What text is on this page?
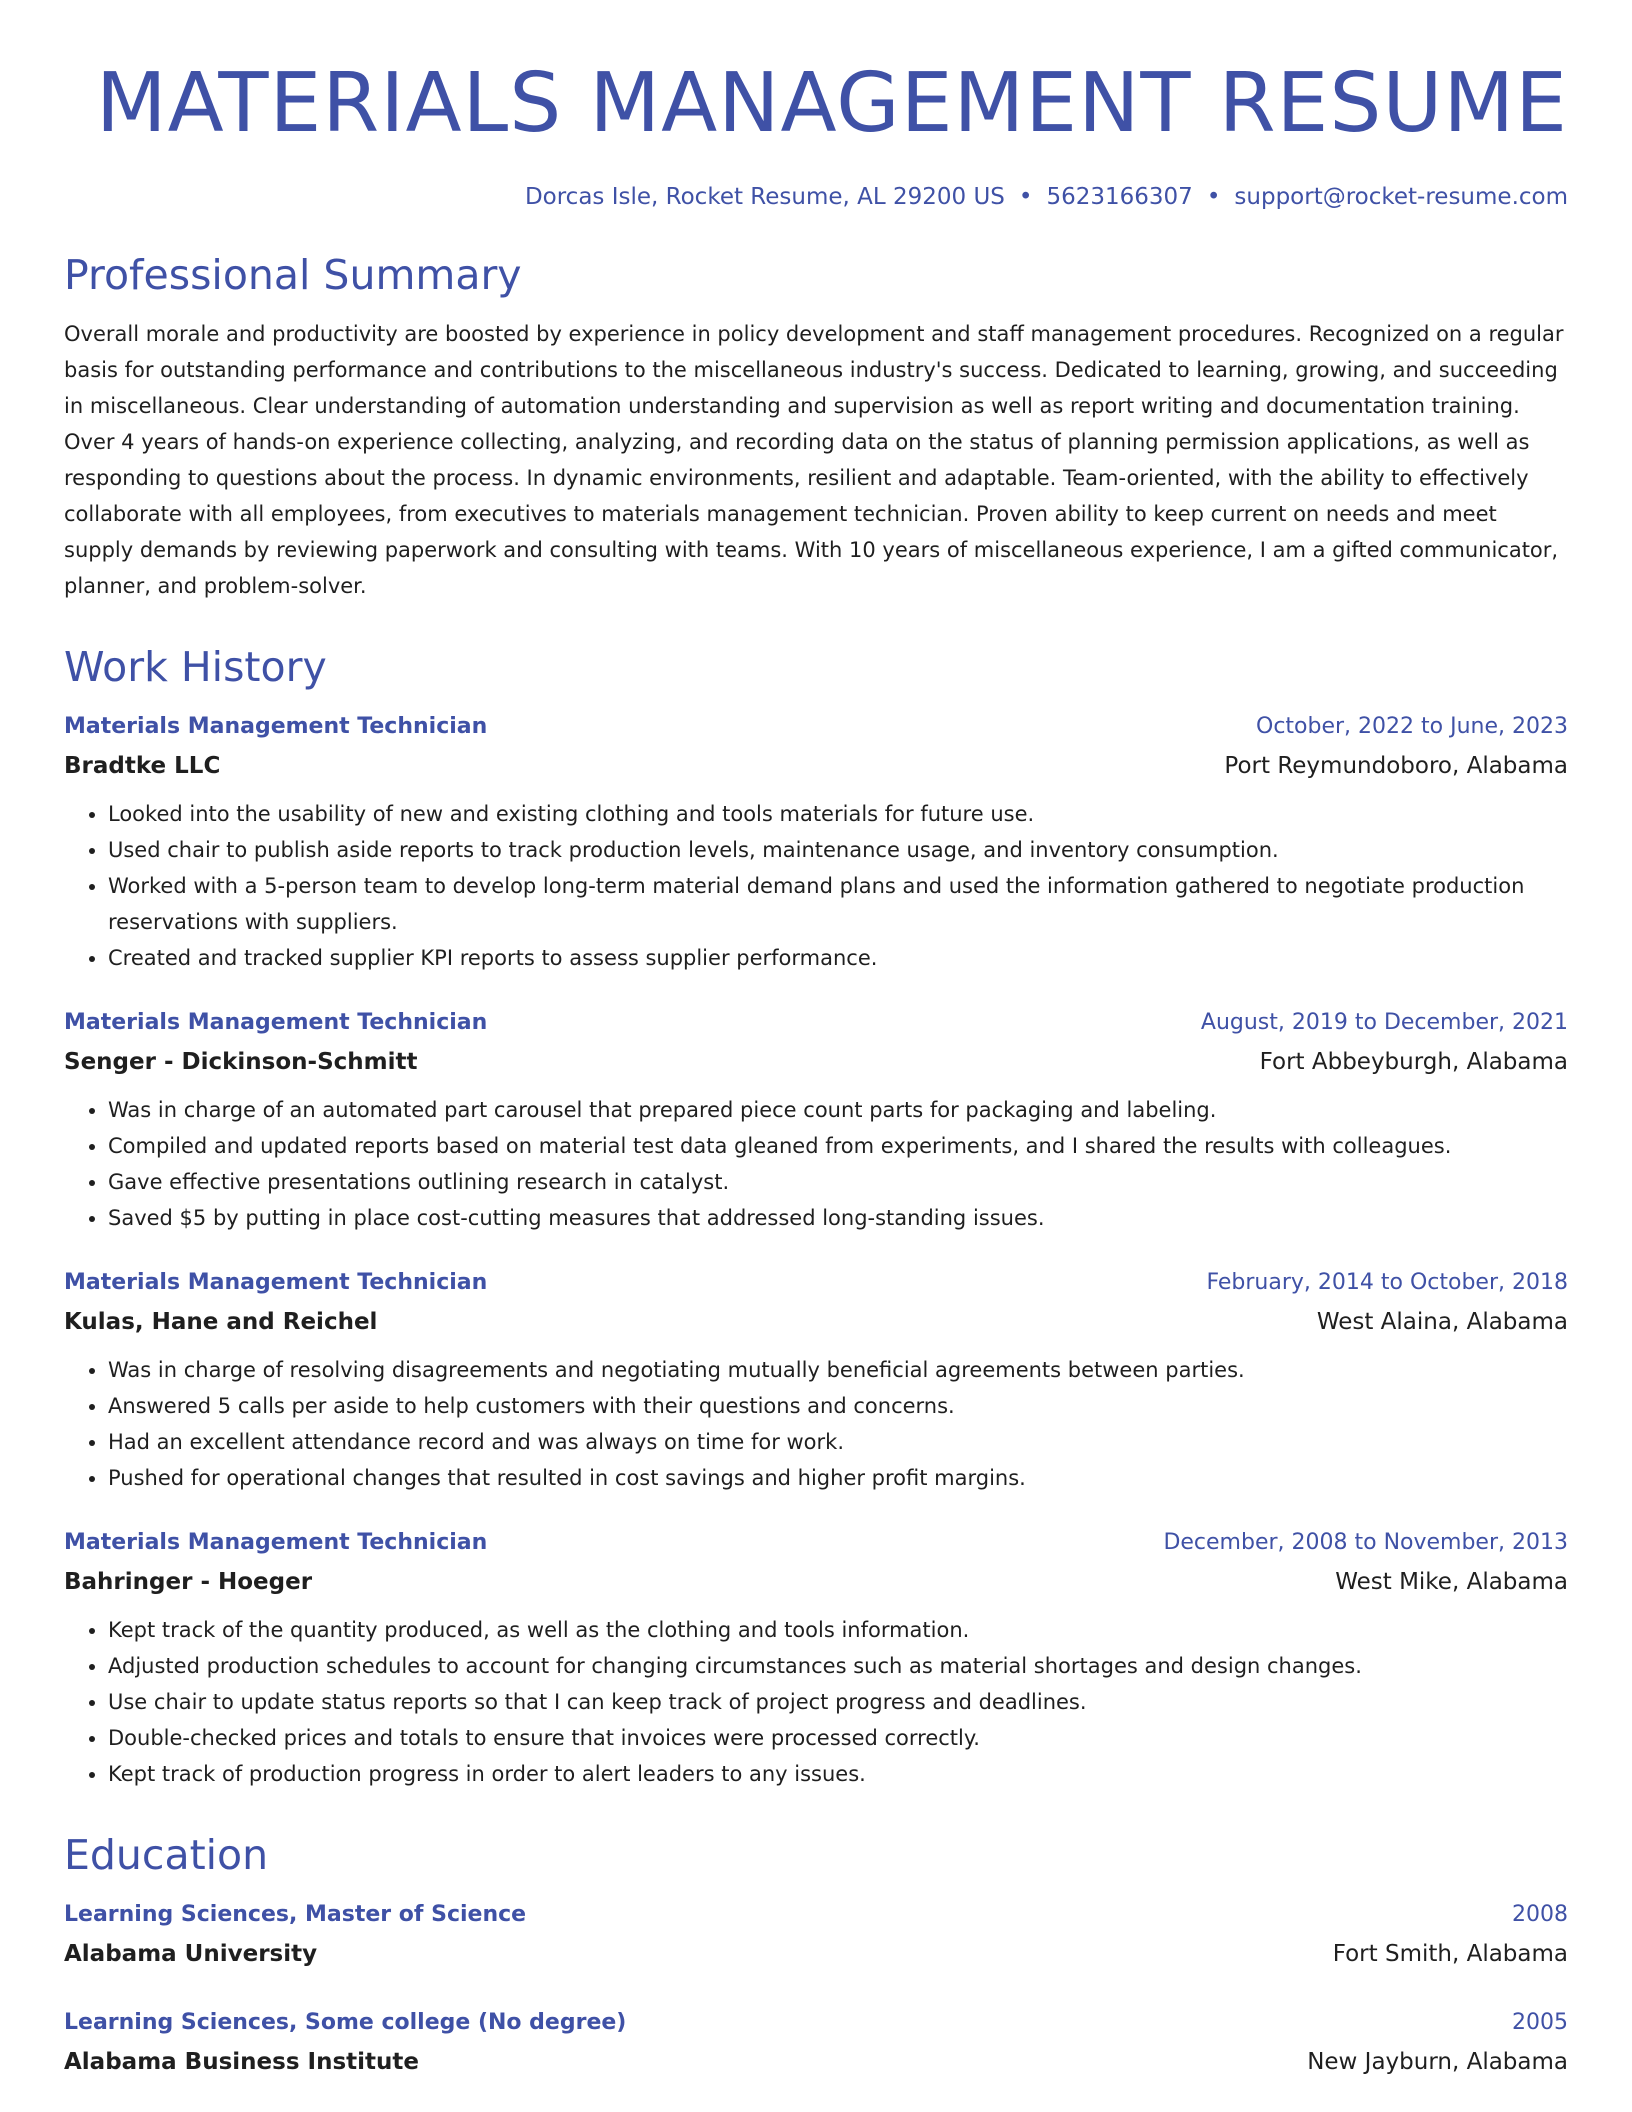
MATERIALS MANAGEMENT RESUME
Dorcas Isle, Rocket Resume, AL 29200 US • 5623166307 • support@rocket-resume.com
Professional Summary

Overall morale and productivity are boosted by experience in policy development and staff management procedures. Recognized on a regular basis for outstanding performance and contributions to the miscellaneous industry's success. Dedicated to learning, growing, and succeeding in miscellaneous. Clear understanding of automation understanding and supervision as well as report writing and documentation training. Over 4 years of hands-on experience collecting, analyzing, and recording data on the status of planning permission applications, as well as responding to questions about the process. In dynamic environments, resilient and adaptable. Team-oriented, with the ability to effectively collaborate with all employees, from executives to materials management technician. Proven ability to keep current on needs and meet supply demands by reviewing paperwork and consulting with teams. With 10 years of miscellaneous experience, I am a gifted communicator, planner, and problem-solver.

Work History
Materials Management Technician	October, 2022 to June, 2023
Bradtke LLC	Port Reymundoboro, Alabama
• Looked into the usability of new and existing clothing and tools materials for future use.
• Used chair to publish aside reports to track production levels, maintenance usage, and inventory consumption.
• Worked with a 5-person team to develop long-term material demand plans and used the information gathered to negotiate production reservations with suppliers.
• Created and tracked supplier KPI reports to assess supplier performance.
Materials Management Technician	August, 2019 to December, 2021
Senger - Dickinson-Schmitt	Fort Abbeyburgh, Alabama
• Was in charge of an automated part carousel that prepared piece count parts for packaging and labeling.
• Compiled and updated reports based on material test data gleaned from experiments, and I shared the results with colleagues.
• Gave effective presentations outlining research in catalyst.
• Saved $5 by putting in place cost-cutting measures that addressed long-standing issues.
Materials Management Technician	February, 2014 to October, 2018
Kulas, Hane and Reichel	West Alaina, Alabama
• Was in charge of resolving disagreements and negotiating mutually beneficial agreements between parties.
• Answered 5 calls per aside to help customers with their questions and concerns.
• Had an excellent attendance record and was always on time for work.
• Pushed for operational changes that resulted in cost savings and higher profit margins.
Materials Management Technician	December, 2008 to November, 2013
Bahringer - Hoeger	West Mike, Alabama
• Kept track of the quantity produced, as well as the clothing and tools information.
• Adjusted production schedules to account for changing circumstances such as material shortages and design changes.
• Use chair to update status reports so that I can keep track of project progress and deadlines.
• Double-checked prices and totals to ensure that invoices were processed correctly.
• Kept track of production progress in order to alert leaders to any issues.
Education
Learning Sciences, Master of Science	2008
Alabama University	Fort Smith, Alabama
Learning Sciences, Some college (No degree)	2005
Alabama Business Institute	New Jayburn, Alabama
